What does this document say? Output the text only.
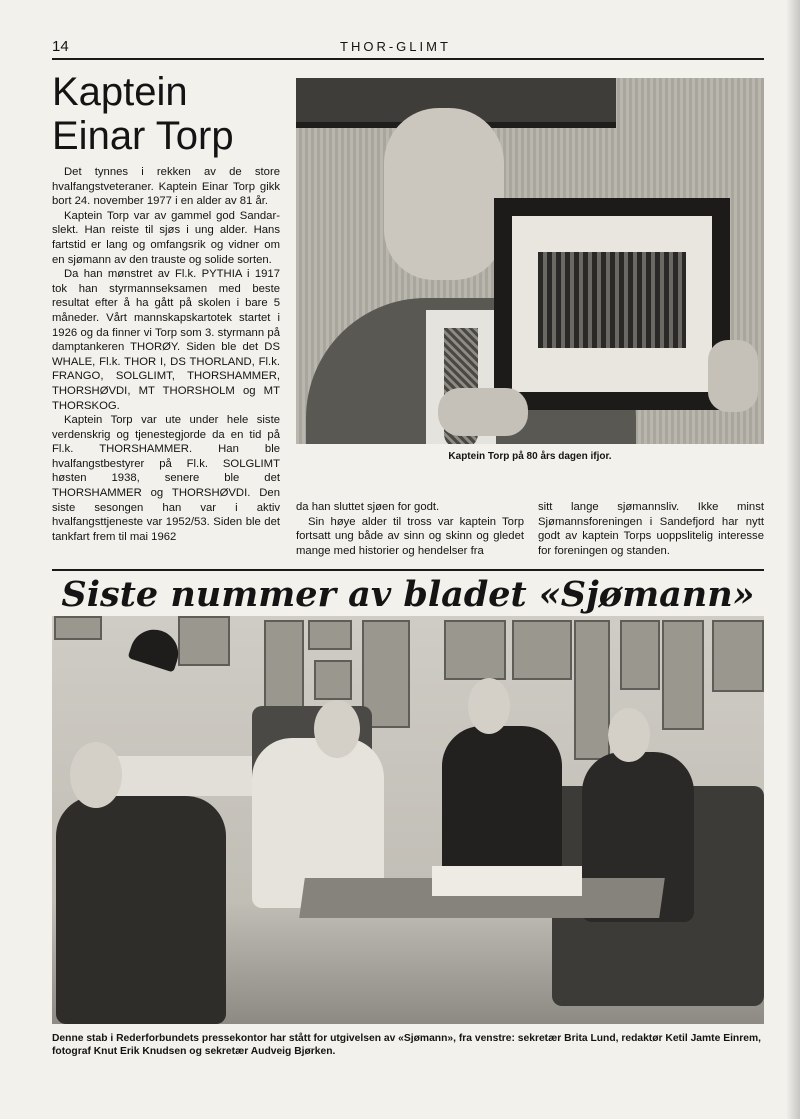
14	THOR-GLIMT
Kaptein
Einar Torp

Det tynnes i rekken av de store hvalfangstveteraner. Kaptein Einar Torp gikk bort 24. november 1977 i en alder av 81 år.

Kaptein Torp var av gammel god Sandar-slekt. Han reiste til sjøs i ung alder. Hans fartstid er lang og omfangsrik og vidner om en sjømann av den trauste og solide sorten.

Da han mønstret av Fl.k. PYTHIA i 1917 tok han styrmannseksamen med beste resultat efter å ha gått på skolen i bare 5 måneder. Vårt mannskapskartotek startet i 1926 og da finner vi Torp som 3. styrmann på damptankeren THORØY. Siden ble det DS WHALE, Fl.k. THOR I, DS THORLAND, Fl.k. FRANGO, SOLGLIMT, THORSHAMMER, THORSHØVDI, MT THORSHOLM og MT THORSKOG.

Kaptein Torp var ute under hele siste verdenskrig og tjenestegjorde da en tid på Fl.k. THORSHAMMER. Han ble hvalfangstbestyrer på Fl.k. SOLGLIMT høsten 1938, senere ble det THORSHAMMER og THORSHØVDI. Den siste sesongen han var i aktiv hvalfangsttjeneste var 1952/53. Siden ble det tankfart frem til mai 1962

Kaptein Torp på 80 års dagen ifjor.

da han sluttet sjøen for godt.

Sin høye alder til tross var kaptein Torp fortsatt ung både av sinn og skinn og gledet mange med historier og hendelser fra

sitt lange sjømannsliv. Ikke minst Sjømannsforeningen i Sandefjord har nytt godt av kaptein Torps uoppslitelig interesse for foreningen og standen.

Siste nummer av bladet «Sjømann»
Denne stab i Rederforbundets pressekontor har stått for utgivelsen av «Sjømann», fra venstre: sekretær Brita Lund, redaktør Ketil Jamte Einrem, fotograf Knut Erik Knudsen og sekretær Audveig Bjørken.
